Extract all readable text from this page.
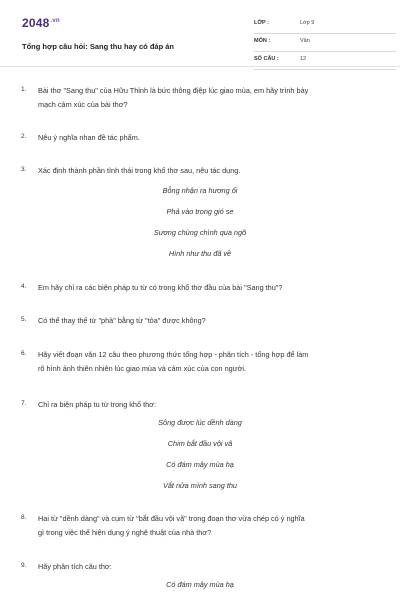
$2048^{.vn}$
Tổng hợp câu hỏi: Sang thu hay có đáp án
LỚP :	Lớp 9
MÔN :	Văn
SỐ CÂU :	12
1. Bài thơ "Sang thu" của Hữu Thỉnh là bức thông điệp lúc giao mùa, em hãy trình bày
mạch cảm xúc của bài thơ?
2. Nêu ý nghĩa nhan đề tác phẩm.
3. Xác định thành phần tình thái trong khổ thơ sau, nêu tác dụng.
Bỗng nhận ra hương ổi
Phả vào trong gió se
Sương chùng chình qua ngõ
Hình như thu đã về
4. Em hãy chỉ ra các biện pháp tu từ có trong khổ thơ đầu của bài "Sang thu"?
5. Có thể thay thế từ "phả" bằng từ "tỏa" được không?
6. Hãy viết đoạn văn 12 câu theo phương thức tổng hợp - phân tích - tổng hợp để làm
rõ hình ảnh thiên nhiên lúc giao mùa và cảm xúc của con người.
7. Chỉ ra biện pháp tu từ trong khổ thơ:
Sông được lúc dềnh dàng
Chim bắt đầu vội vã
Có đám mây mùa hạ
Vắt nửa mình sang thu
8. Hai từ "dềnh dàng" và cụm từ "bắt đầu vội vã" trong đoạn thơ vừa chép có ý nghĩa
gì trong việc thể hiện dụng ý nghệ thuật của nhà thơ?
9. Hãy phân tích câu thơ:
Có đám mây mùa hạ
